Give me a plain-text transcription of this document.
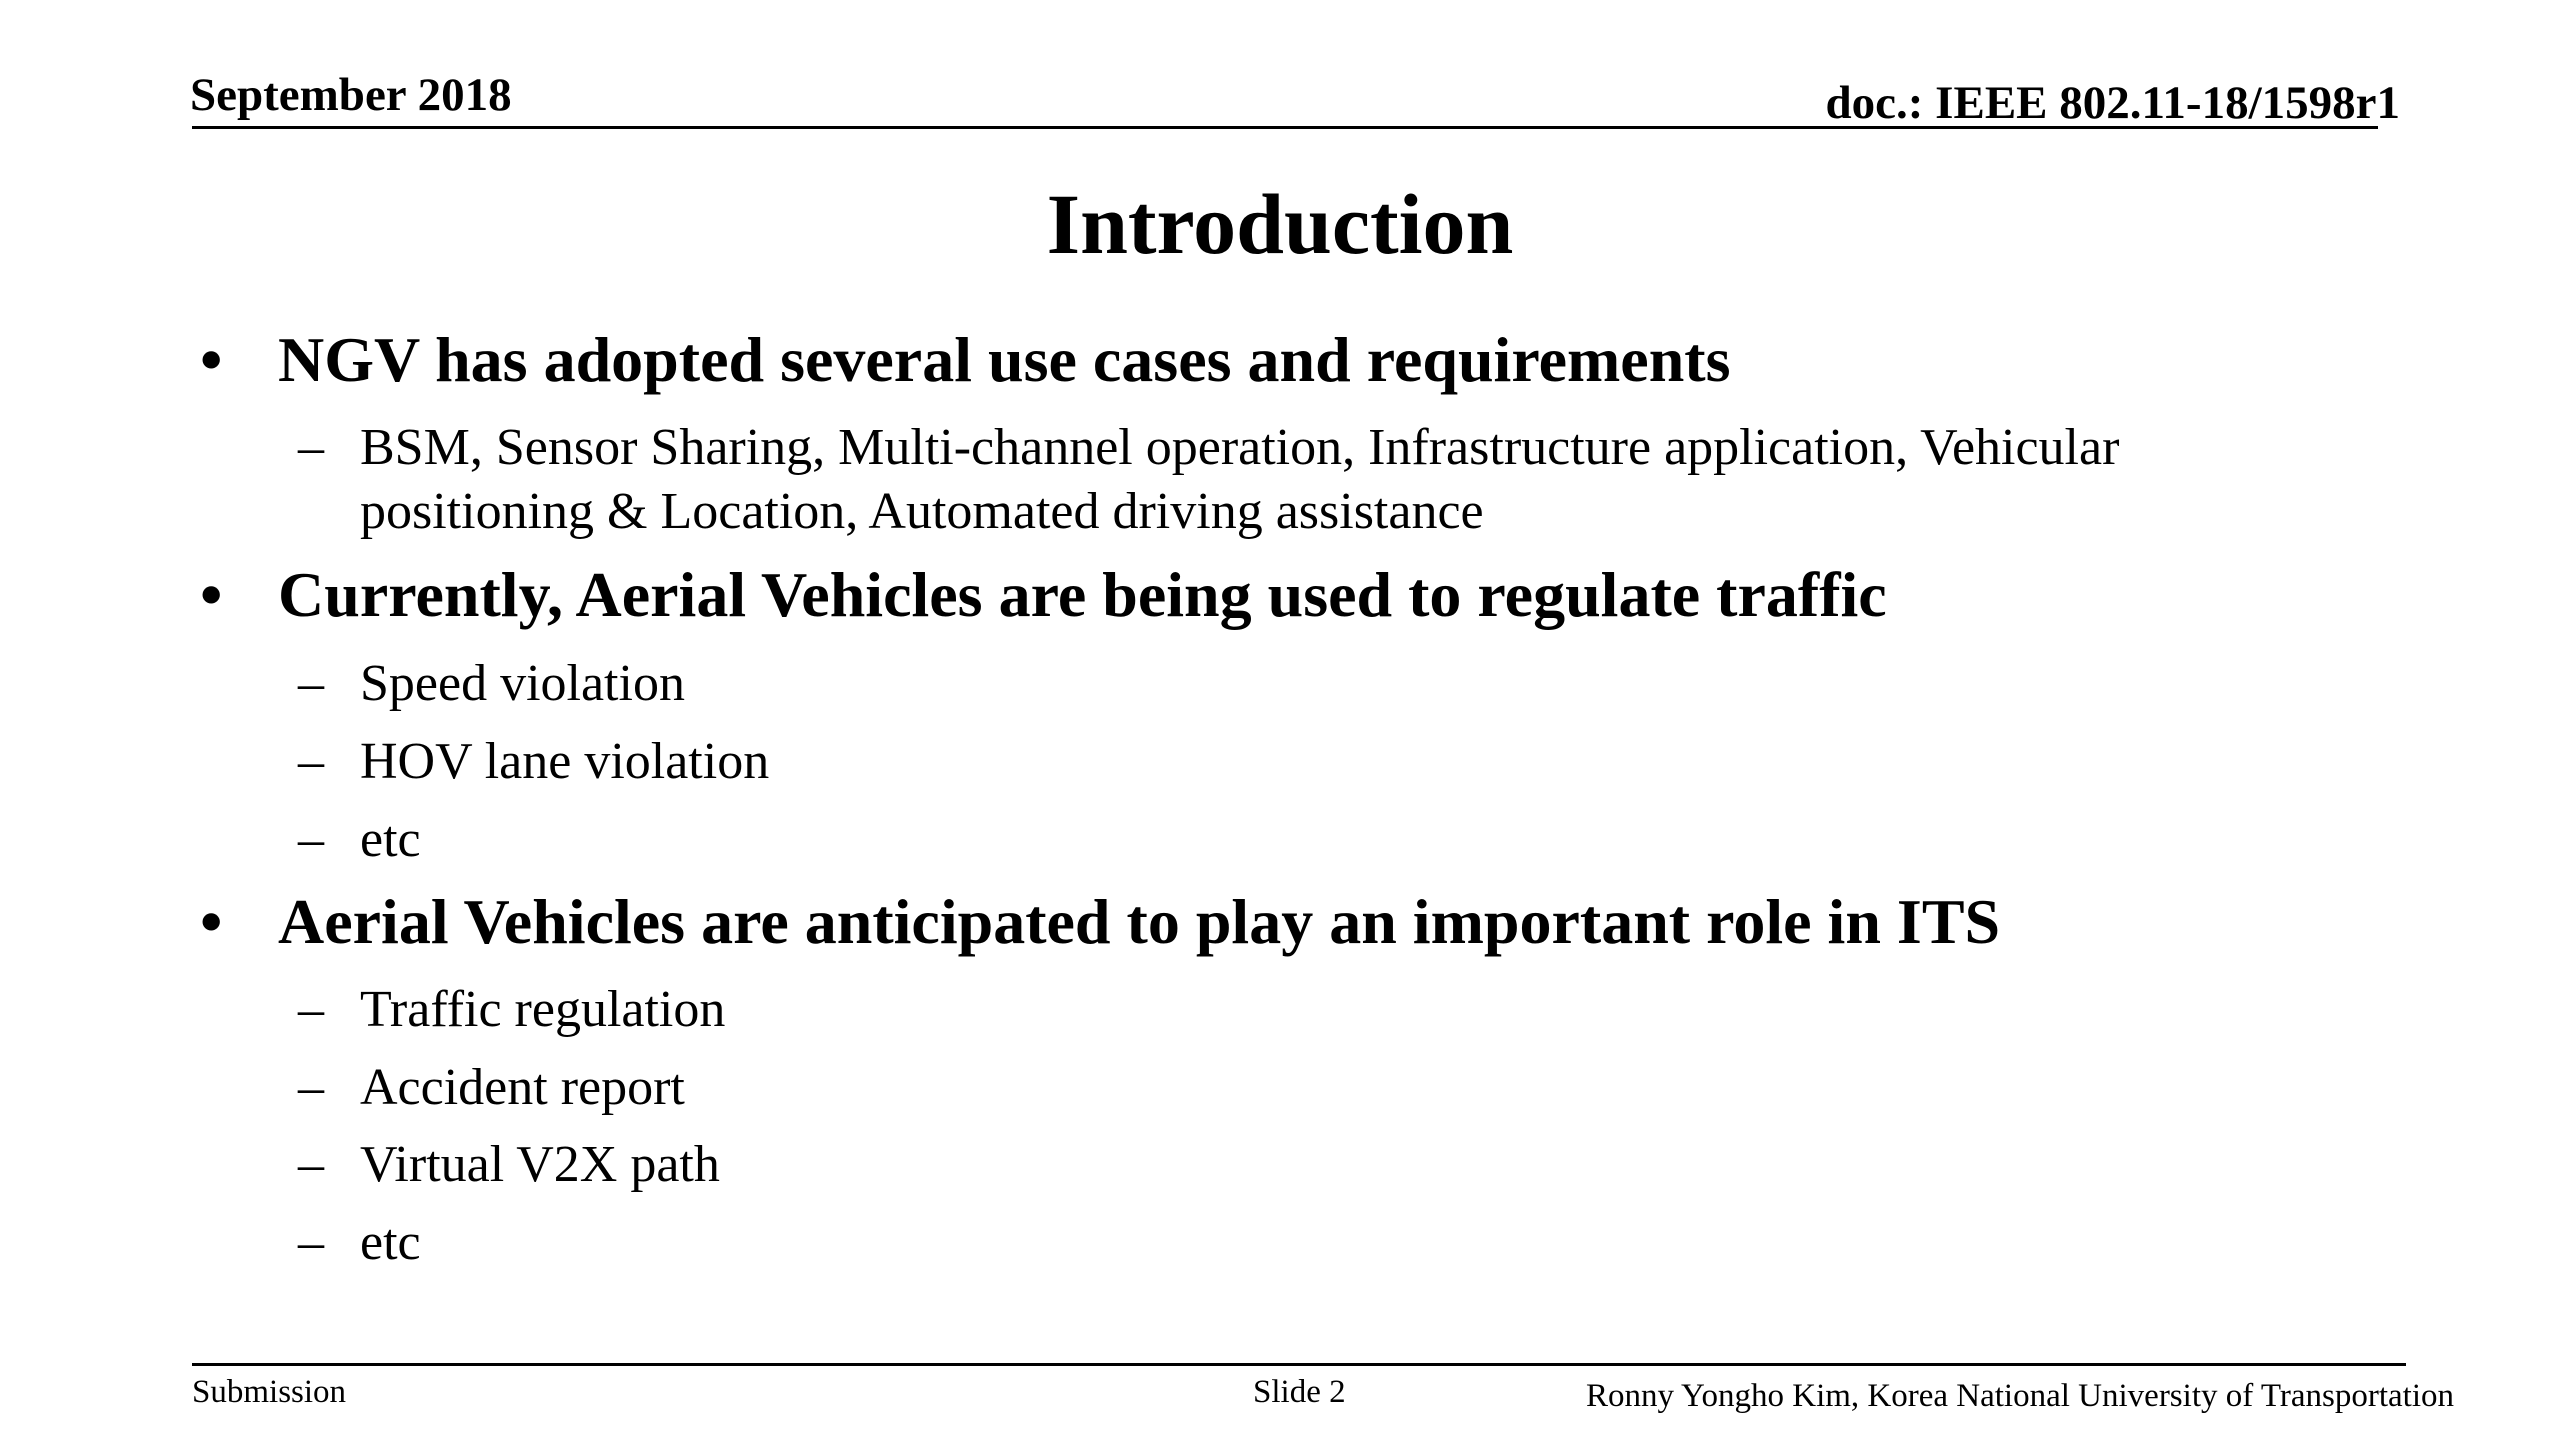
September 2018	doc.: IEEE 802.11-18/1598r1
Introduction
• NGV has adopted several use cases and requirements
– BSM, Sensor Sharing, Multi-channel operation, Infrastructure application, Vehicular
positioning & Location, Automated driving assistance
• Currently, Aerial Vehicles are being used to regulate traffic
– Speed violation
– HOV lane violation
– etc
• Aerial Vehicles are anticipated to play an important role in ITS
– Traffic regulation
– Accident report
– Virtual V2X path
– etc
Submission	Slide 2	Ronny Yongho Kim, Korea National University of Transportation
